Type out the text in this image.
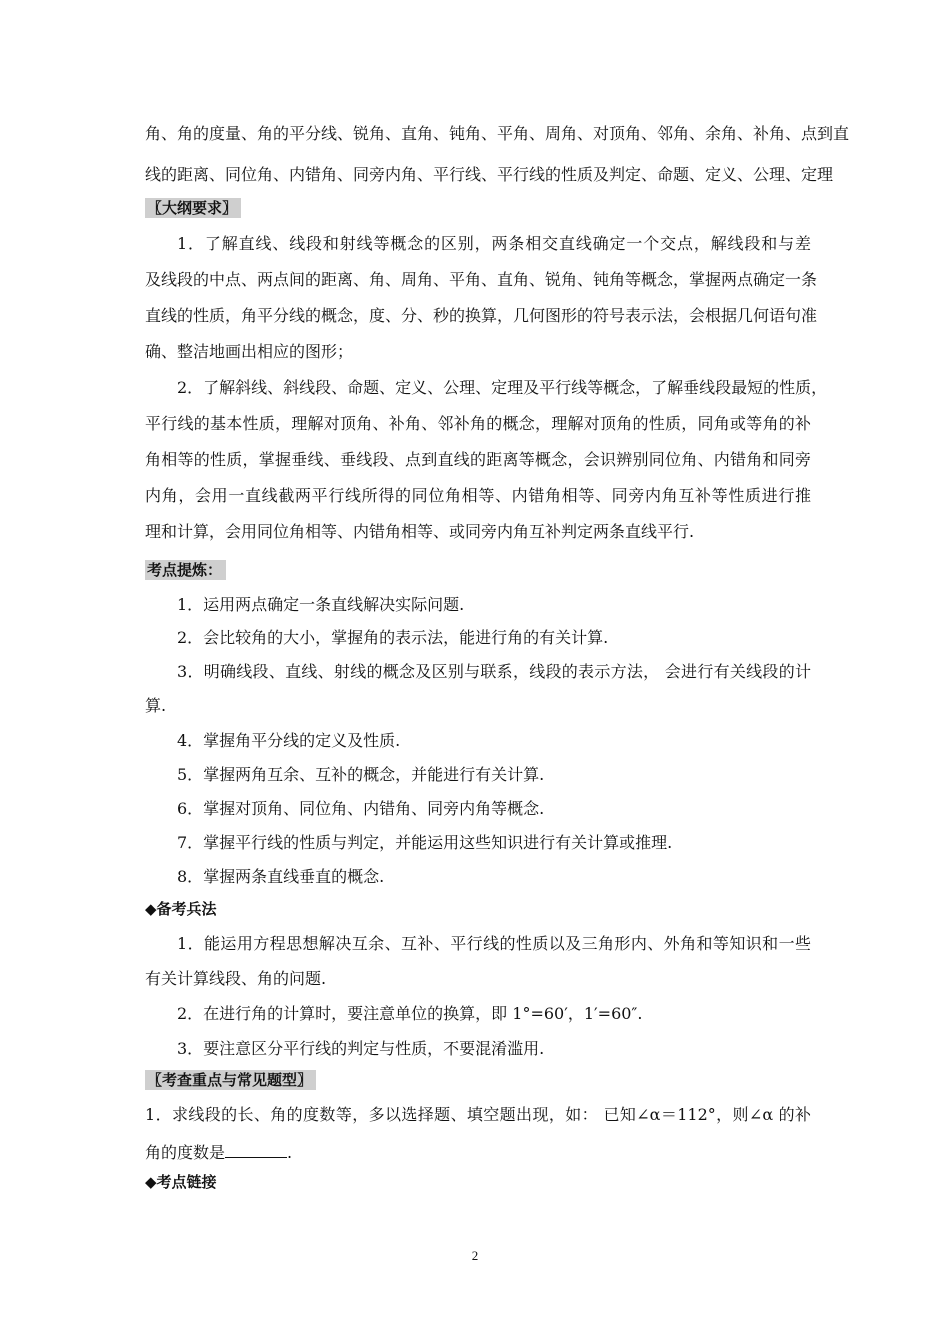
角、角的度量、角的平分线、锐角、直角、钝角、平角、周角、对顶角、邻角、余角、补角、点到直
线的距离、同位角、内错角、同旁内角、平行线、平行线的性质及判定、命题、定义、公理、定理
〖大纲要求〗
1．了解直线、线段和射线等概念的区别，两条相交直线确定一个交点，解线段和与差
及线段的中点、两点间的距离、角、周角、平角、直角、锐角、钝角等概念，掌握两点确定一条
直线的性质，角平分线的概念，度、分、秒的换算，几何图形的符号表示法，会根据几何语句准
确、整洁地画出相应的图形；
2．了解斜线、斜线段、命题、定义、公理、定理及平行线等概念，了解垂线段最短的性质，
平行线的基本性质，理解对顶角、补角、邻补角的概念，理解对顶角的性质，同角或等角的补
角相等的性质，掌握垂线、垂线段、点到直线的距离等概念，会识辨别同位角、内错角和同旁
内角，会用一直线截两平行线所得的同位角相等、内错角相等、同旁内角互补等性质进行推
理和计算，会用同位角相等、内错角相等、或同旁内角互补判定两条直线平行.
考点提炼：
1．运用两点确定一条直线解决实际问题.
2．会比较角的大小，掌握角的表示法，能进行角的有关计算.
3．明确线段、直线、射线的概念及区别与联系，线段的表示方法， 会进行有关线段的计
算.
4．掌握角平分线的定义及性质.
5．掌握两角互余、互补的概念，并能进行有关计算.
6．掌握对顶角、同位角、内错角、同旁内角等概念.
7．掌握平行线的性质与判定，并能运用这些知识进行有关计算或推理.
8．掌握两条直线垂直的概念.
◆备考兵法
1．能运用方程思想解决互余、互补、平行线的性质以及三角形内、外角和等知识和一些
有关计算线段、角的问题.
2．在进行角的计算时，要注意单位的换算，即 1°=60′，1′=60″.
3．要注意区分平行线的判定与性质，不要混淆滥用.
〖考查重点与常见题型〗
1．求线段的长、角的度数等，多以选择题、填空题出现，如： 已知∠α＝112°，则∠α 的补
角的度数是	.
◆考点链接
2
